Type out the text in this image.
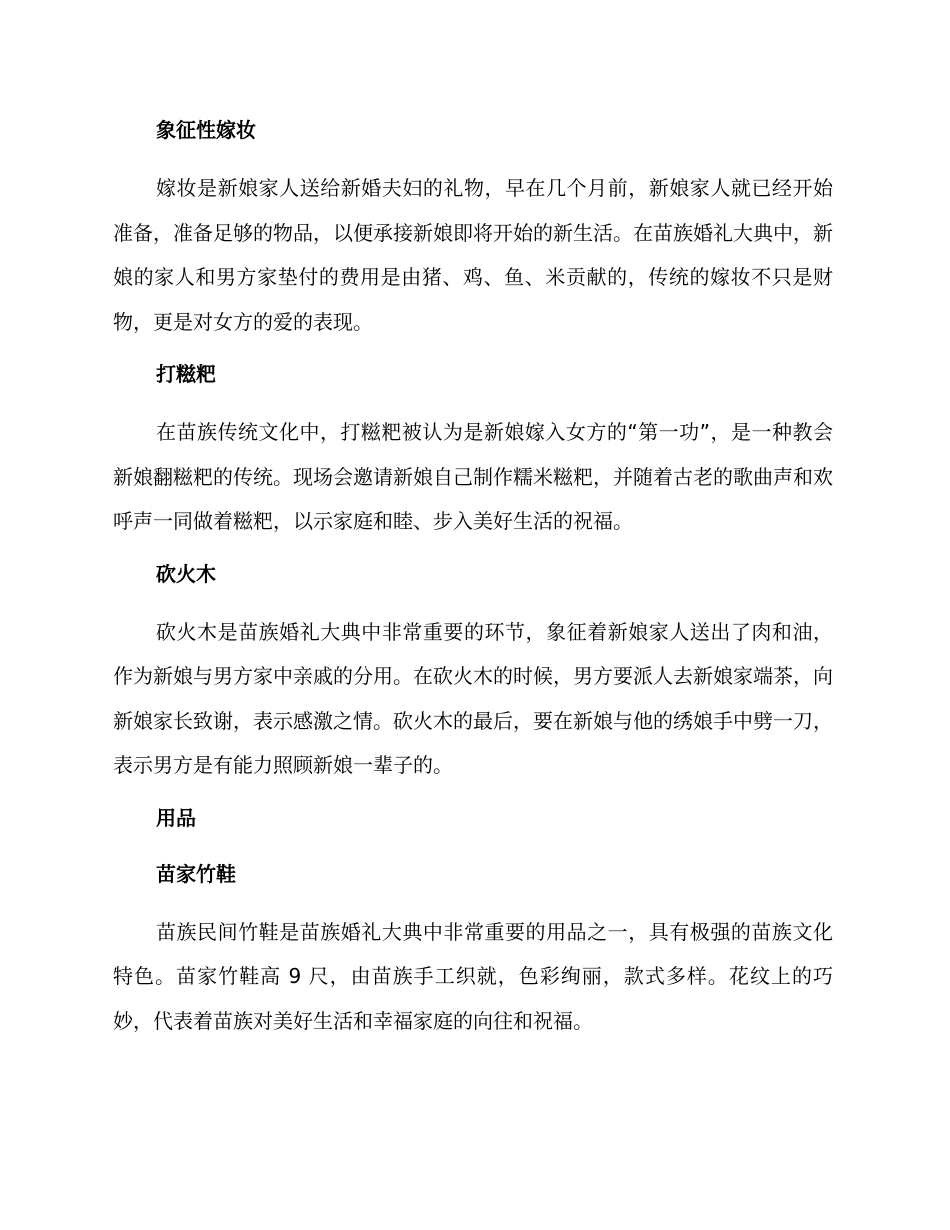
象征性嫁妆

嫁妆是新娘家人送给新婚夫妇的礼物，早在几个月前，新娘家人就已经开始准备，准备足够的物品，以便承接新娘即将开始的新生活。在苗族婚礼大典中，新娘的家人和男方家垫付的费用是由猪、鸡、鱼、米贡献的，传统的嫁妆不只是财物，更是对女方的爱的表现。

打糍粑

在苗族传统文化中，打糍粑被认为是新娘嫁入女方的“第一功”，是一种教会新娘翻糍粑的传统。现场会邀请新娘自己制作糯米糍粑，并随着古老的歌曲声和欢呼声一同做着糍粑，以示家庭和睦、步入美好生活的祝福。

砍火木

砍火木是苗族婚礼大典中非常重要的环节，象征着新娘家人送出了肉和油，作为新娘与男方家中亲戚的分用。在砍火木的时候，男方要派人去新娘家端茶，向新娘家长致谢，表示感激之情。砍火木的最后，要在新娘与他的绣娘手中劈一刀，表示男方是有能力照顾新娘一辈子的。

用品
苗家竹鞋

苗族民间竹鞋是苗族婚礼大典中非常重要的用品之一，具有极强的苗族文化特色。苗家竹鞋高 9 尺，由苗族手工织就，色彩绚丽，款式多样。花纹上的巧妙，代表着苗族对美好生活和幸福家庭的向往和祝福。
